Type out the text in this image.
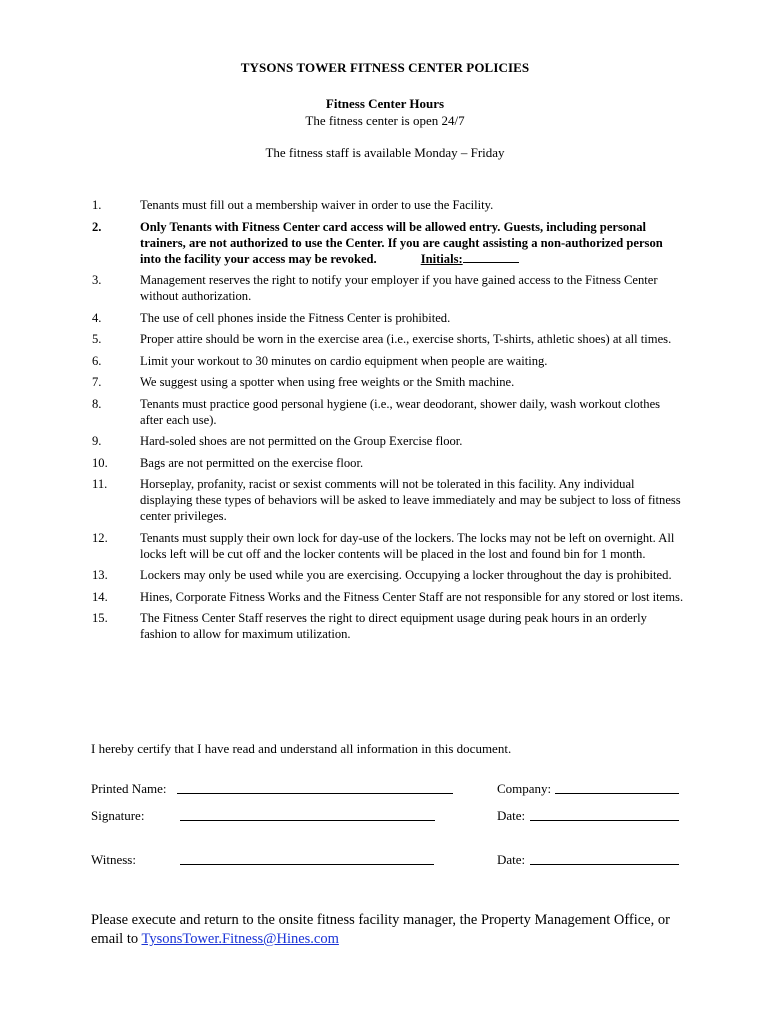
TYSONS TOWER FITNESS CENTER POLICIES
Fitness Center Hours
The fitness center is open 24/7
The fitness staff is available Monday – Friday
1.	Tenants must fill out a membership waiver in order to use the Facility.
2.	Only Tenants with Fitness Center card access will be allowed entry. Guests, including personal trainers, are not authorized to use the Center. If you are caught assisting a non-authorized person into the facility your access may be revoked.	Initials:
3.	Management reserves the right to notify your employer if you have gained access to the Fitness Center without authorization.
4.	The use of cell phones inside the Fitness Center is prohibited.
5.	Proper attire should be worn in the exercise area (i.e., exercise shorts, T-shirts, athletic shoes) at all times.
6.	Limit your workout to 30 minutes on cardio equipment when people are waiting.
7.	We suggest using a spotter when using free weights or the Smith machine.
8.	Tenants must practice good personal hygiene (i.e., wear deodorant, shower daily, wash workout clothes after each use).
9.	Hard-soled shoes are not permitted on the Group Exercise floor.
10.	Bags are not permitted on the exercise floor.
11.	Horseplay, profanity, racist or sexist comments will not be tolerated in this facility. Any individual displaying these types of behaviors will be asked to leave immediately and may be subject to loss of fitness center privileges.
12.	Tenants must supply their own lock for day-use of the lockers. The locks may not be left on overnight. All locks left will be cut off and the locker contents will be placed in the lost and found bin for 1 month.
13.	Lockers may only be used while you are exercising. Occupying a locker throughout the day is prohibited.
14.	Hines, Corporate Fitness Works and the Fitness Center Staff are not responsible for any stored or lost items.
15.	The Fitness Center Staff reserves the right to direct equipment usage during peak hours in an orderly fashion to allow for maximum utilization.
I hereby certify that I have read and understand all information in this document.
Printed Name:	Company:
Signature:	Date:
Witness:	Date:
Please execute and return to the onsite fitness facility manager, the Property Management Office, or email to TysonsTower.Fitness@Hines.com
